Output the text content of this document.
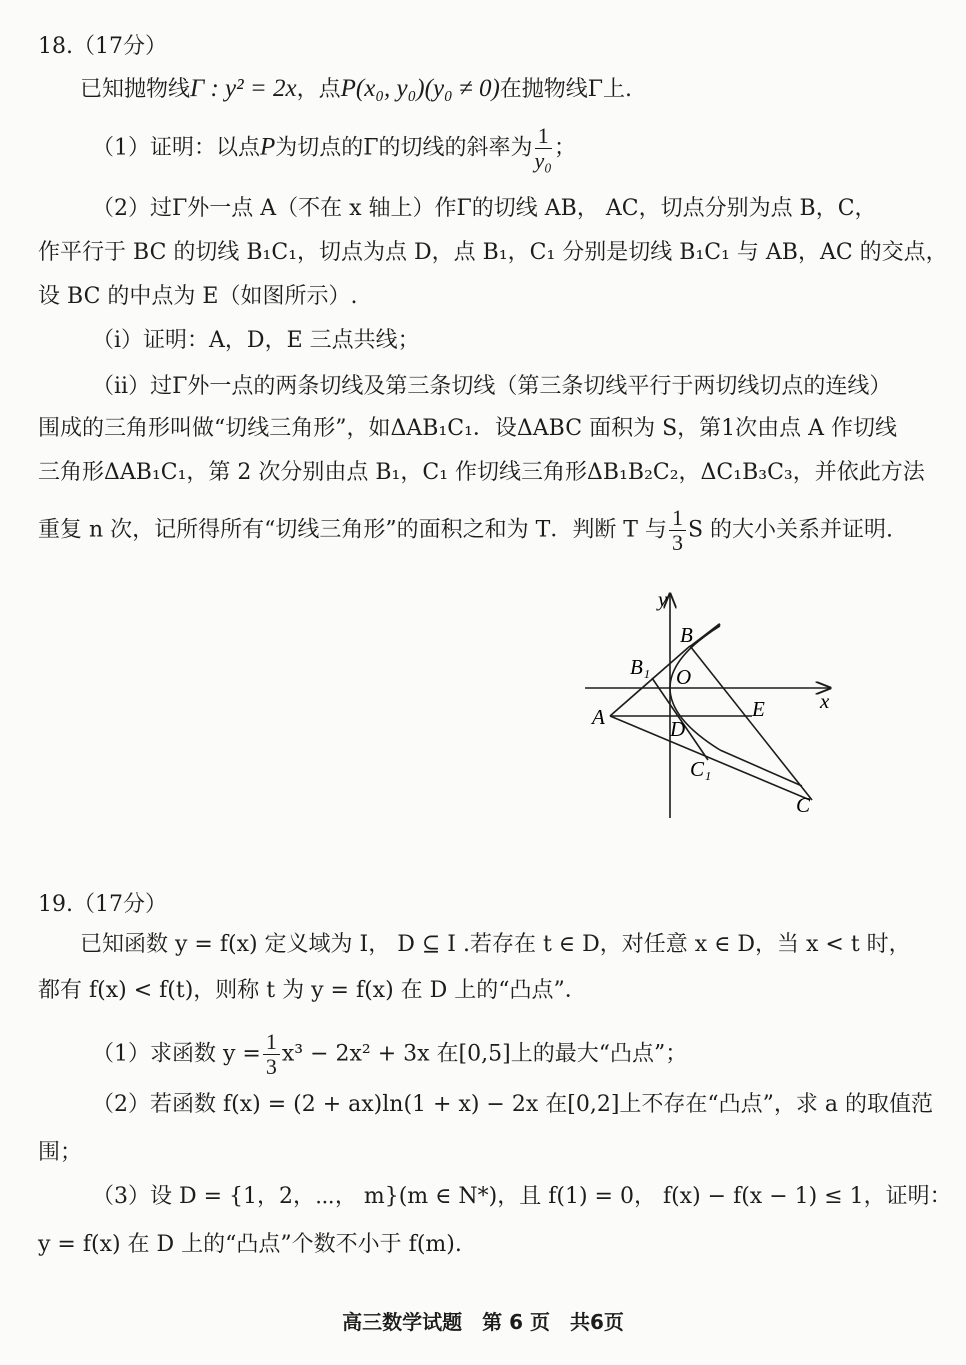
18.（17分）
已知抛物线Γ : y² = 2x，点P(x₀, y₀)(y₀ ≠ 0)在抛物线Γ上.
（1）证明：以点P为切点的Γ的切线的斜率为 $\frac{1}{\text{y₀}}$ ；
（2）过Γ外一点 A（不在 x 轴上）作Γ的切线 AB， AC，切点分别为点 B，C，
作平行于 BC 的切线 B₁C₁，切点为点 D，点 B₁，C₁ 分别是切线 B₁C₁ 与 AB，AC 的交点，
设 BC 的中点为 E（如图所示）.
（i）证明：A，D，E 三点共线；
（ii）过Γ外一点的两条切线及第三条切线（第三条切线平行于两切线切点的连线）
围成的三角形叫做“切线三角形”，如ΔAB₁C₁．设ΔABC 面积为 S，第1次由点 A 作切线
三角形ΔAB₁C₁，第 2 次分别由点 B₁，C₁ 作切线三角形ΔB₁B₂C₂，ΔC₁B₃C₃，并依此方法
重复 n 次，记所得所有“切线三角形”的面积之和为 T．判断 T 与 $\frac{1}{3}$ S 的大小关系并证明.
y
x
O
A
B
B₁
C
C₁
D
E
19.（17分）
已知函数 y = f(x) 定义域为 I， D ⊆ I .若存在 t ∈ D，对任意 x ∈ D，当 x < t 时，
都有 f(x) < f(t)，则称 t 为 y = f(x) 在 D 上的“凸点”．
（1）求函数 $y = \frac{1}{3} x^3 - 2x^2 + 3x$ 在[0,5]上的最大“凸点”；
（2）若函数 f(x) = (2 + ax)ln(1 + x) − 2x 在[0,2]上不存在“凸点”，求 a 的取值范
围；
（3）设 D = {1，2，⋯， m}(m ∈ N*)，且 f(1) = 0， f(x) − f(x − 1) ≤ 1，证明：
y = f(x) 在 D 上的“凸点”个数不小于 f(m).
高三数学试题　第 6 页　共6页
